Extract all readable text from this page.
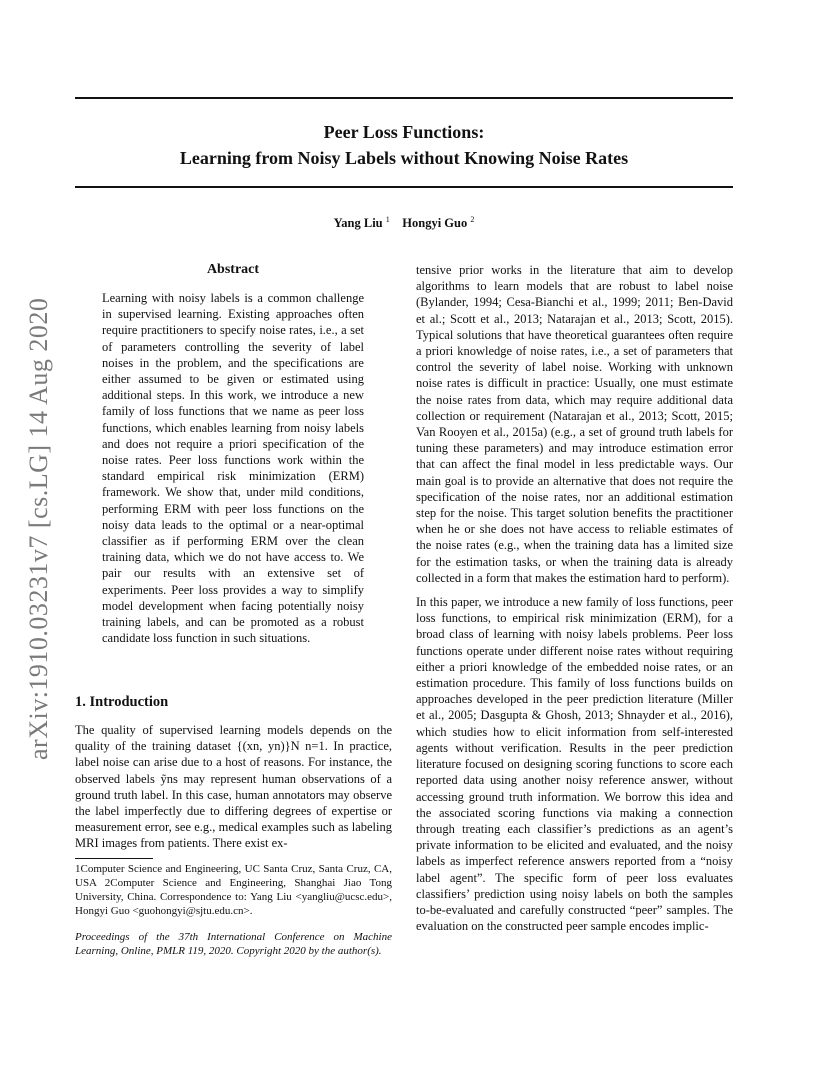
Peer Loss Functions:
Learning from Noisy Labels without Knowing Noise Rates
Yang Liu $^1$ Hongyi Guo $^2$
arXiv:1910.03231v7 [cs.LG] 14 Aug 2020
Abstract

Learning with noisy labels is a common challenge in supervised learning. Existing approaches often require practitioners to specify noise rates, i.e., a set of parameters controlling the severity of label noises in the problem, and the specifications are either assumed to be given or estimated using additional steps. In this work, we introduce a new family of loss functions that we name as peer loss functions, which enables learning from noisy labels and does not require a priori specification of the noise rates. Peer loss functions work within the standard empirical risk minimization (ERM) framework. We show that, under mild conditions, performing ERM with peer loss functions on the noisy data leads to the optimal or a near-optimal classifier as if performing ERM over the clean training data, which we do not have access to. We pair our results with an extensive set of experiments. Peer loss provides a way to simplify model development when facing potentially noisy training labels, and can be promoted as a robust candidate loss function in such situations.

1. Introduction

The quality of supervised learning models depends on the quality of the training dataset {(xn, yn)}N n=1. In practice, label noise can arise due to a host of reasons. For instance, the observed labels ỹns may represent human observations of a ground truth label. In this case, human annotators may observe the label imperfectly due to differing degrees of expertise or measurement error, see e.g., medical examples such as labeling MRI images from patients. There exist ex-

1Computer Science and Engineering, UC Santa Cruz, Santa Cruz, CA, USA 2Computer Science and Engineering, Shanghai Jiao Tong University, China. Correspondence to: Yang Liu <yangliu@ucsc.edu>, Hongyi Guo <guohongyi@sjtu.edu.cn>.
Proceedings of the 37th International Conference on Machine Learning, Online, PMLR 119, 2020. Copyright 2020 by the author(s).

tensive prior works in the literature that aim to develop algorithms to learn models that are robust to label noise (Bylander, 1994; Cesa-Bianchi et al., 1999; 2011; Ben-David et al.; Scott et al., 2013; Natarajan et al., 2013; Scott, 2015). Typical solutions that have theoretical guarantees often require a priori knowledge of noise rates, i.e., a set of parameters that control the severity of label noise. Working with unknown noise rates is difficult in practice: Usually, one must estimate the noise rates from data, which may require additional data collection or requirement (Natarajan et al., 2013; Scott, 2015; Van Rooyen et al., 2015a) (e.g., a set of ground truth labels for tuning these parameters) and may introduce estimation error that can affect the final model in less predictable ways. Our main goal is to provide an alternative that does not require the specification of the noise rates, nor an additional estimation step for the noise. This target solution benefits the practitioner when he or she does not have access to reliable estimates of the noise rates (e.g., when the training data has a limited size for the estimation tasks, or when the training data is already collected in a form that makes the estimation hard to perform).

In this paper, we introduce a new family of loss functions, peer loss functions, to empirical risk minimization (ERM), for a broad class of learning with noisy labels problems. Peer loss functions operate under different noise rates without requiring either a priori knowledge of the embedded noise rates, or an estimation procedure. This family of loss functions builds on approaches developed in the peer prediction literature (Miller et al., 2005; Dasgupta & Ghosh, 2013; Shnayder et al., 2016), which studies how to elicit information from self-interested agents without verification. Results in the peer prediction literature focused on designing scoring functions to score each reported data using another noisy reference answer, without accessing ground truth information. We borrow this idea and the associated scoring functions via making a connection through treating each classifier’s predictions as an agent’s private information to be elicited and evaluated, and the noisy labels as imperfect reference answers reported from a “noisy label agent”. The specific form of peer loss evaluates classifiers’ prediction using noisy labels on both the samples to-be-evaluated and carefully constructed “peer” samples. The evaluation on the constructed peer sample encodes implic-
